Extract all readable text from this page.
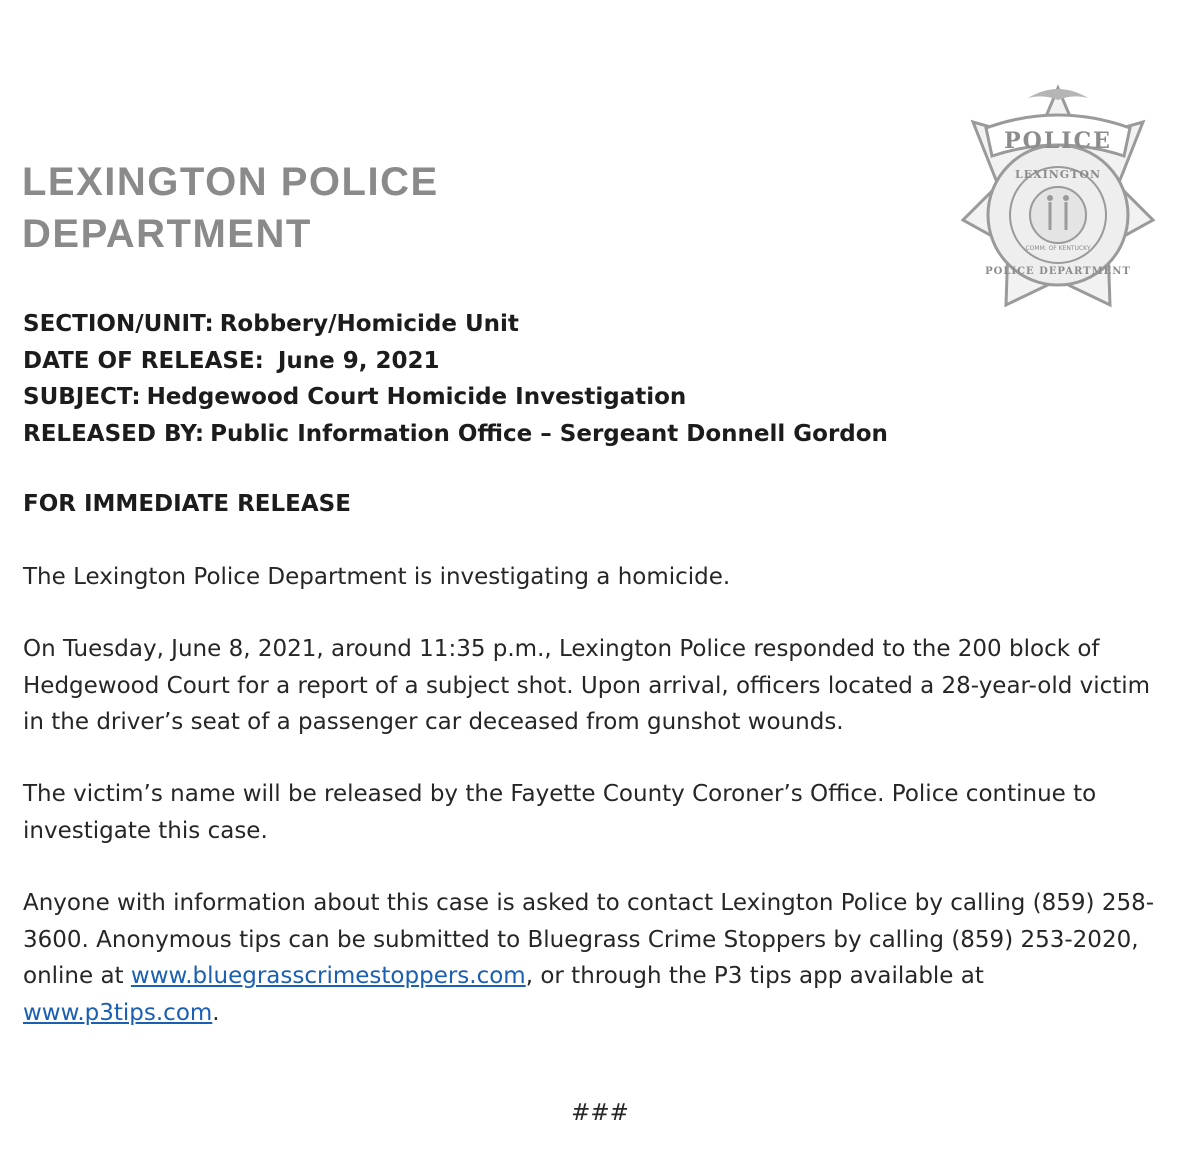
LEXINGTON POLICE
DEPARTMENT
POLICE
LEXINGTON
POLICE DEPARTMENT
COMM. OF KENTUCKY
SECTION/UNIT: Robbery/Homicide Unit
DATE OF RELEASE: June 9, 2021
SUBJECT: Hedgewood Court Homicide Investigation
RELEASED BY: Public Information Office – Sergeant Donnell Gordon

FOR IMMEDIATE RELEASE

The Lexington Police Department is investigating a homicide.

On Tuesday, June 8, 2021, around 11:35 p.m., Lexington Police responded to the 200 block of Hedgewood Court for a report of a subject shot. Upon arrival, officers located a 28-year-old victim in the driver’s seat of a passenger car deceased from gunshot wounds.

The victim’s name will be released by the Fayette County Coroner’s Office. Police continue to investigate this case.

Anyone with information about this case is asked to contact Lexington Police by calling (859) 258-3600. Anonymous tips can be submitted to Bluegrass Crime Stoppers by calling (859) 253-2020, online at www.bluegrasscrimestoppers.com, or through the P3 tips app available at www.p3tips.com.

###
